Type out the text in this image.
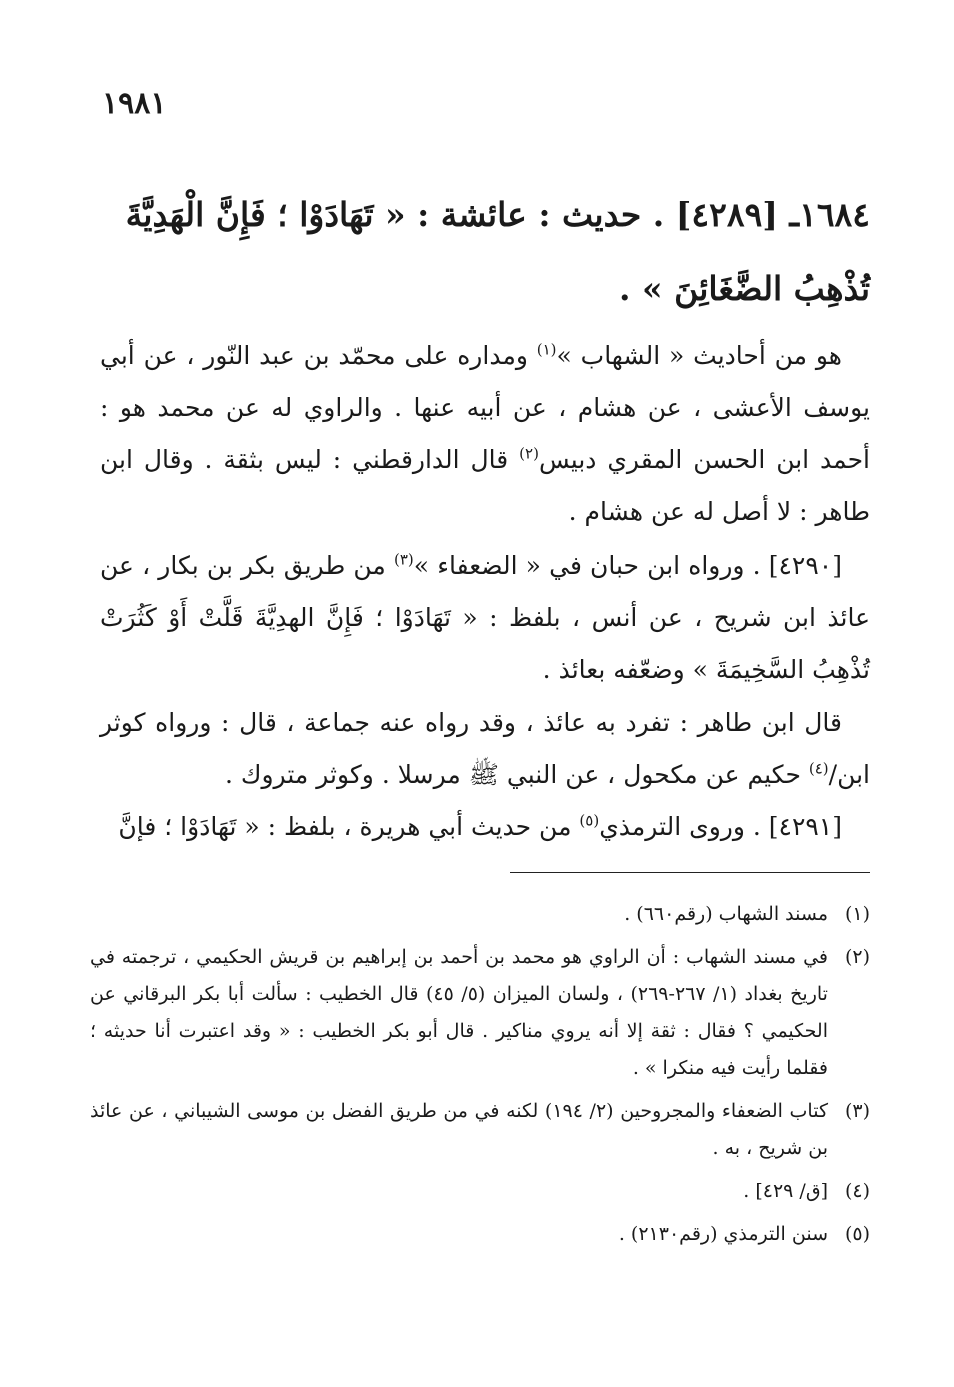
١٩٨١
١٦٨٤ـ [٤٢٨٩] . حديث : عائشة : « تَهَادَوْا ؛ فَإِنَّ الْهَدِيَّةَ تُذْهِبُ الضَّغَائِنَ » .
هو من أحاديث « الشهاب »$^{(١)}$ ومداره على محمّد بن عبد النّور ، عن أبي يوسف الأعشى ، عن هشام ، عن أبيه عنها . والراوي له عن محمد هو : أحمد ابن الحسن المقري دبيس$^{(٢)}$ قال الدارقطني : ليس بثقة . وقال ابن طاهر : لا أصل له عن هشام .
[٤٢٩٠] . ورواه ابن حبان في « الضعفاء »$^{(٣)}$ من طريق بكر بن بكار ، عن عائذ ابن شريح ، عن أنس ، بلفظ : « تَهَادَوْا ؛ فَإِنَّ الهدِيَّةَ قَلَّتْ أَوْ كَثُرَتْ تُذْهِبُ السَّخِيمَةَ » وضعّفه بعائذ .
قال ابن طاهر : تفرد به عائذ ، وقد رواه عنه جماعة ، قال : ورواه كوثر ابن/$^{(٤)}$ حكيم عن مكحول ، عن النبي ﷺ مرسلا . وكوثر متروك .
[٤٢٩١] . وروى الترمذي$^{(٥)}$ من حديث أبي هريرة ، بلفظ : « تَهَادَوْا ؛ فإنَّ
(١)
مسند الشهاب (رقم٦٦٠) .
(٢)
في مسند الشهاب : أن الراوي هو محمد بن أحمد بن إبراهيم بن قريش الحكيمي ، ترجمته في تاريخ بغداد (١/ ٢٦٧-٢٦٩) ، ولسان الميزان (٥/ ٤٥) قال الخطيب : سألت أبا بكر البرقاني عن الحكيمي ؟ فقال : ثقة إلا أنه يروي مناكير . قال أبو بكر الخطيب : « وقد اعتبرت أنا حديثه ؛ فقلما رأيت فيه منكرا » .
(٣)
كتاب الضعفاء والمجروحين (٢/ ١٩٤) لكنه في من طريق الفضل بن موسى الشيباني ، عن عائذ بن شريح ، به .
(٤)
[ق/ ٤٢٩] .
(٥)
سنن الترمذي (رقم٢١٣٠) .
